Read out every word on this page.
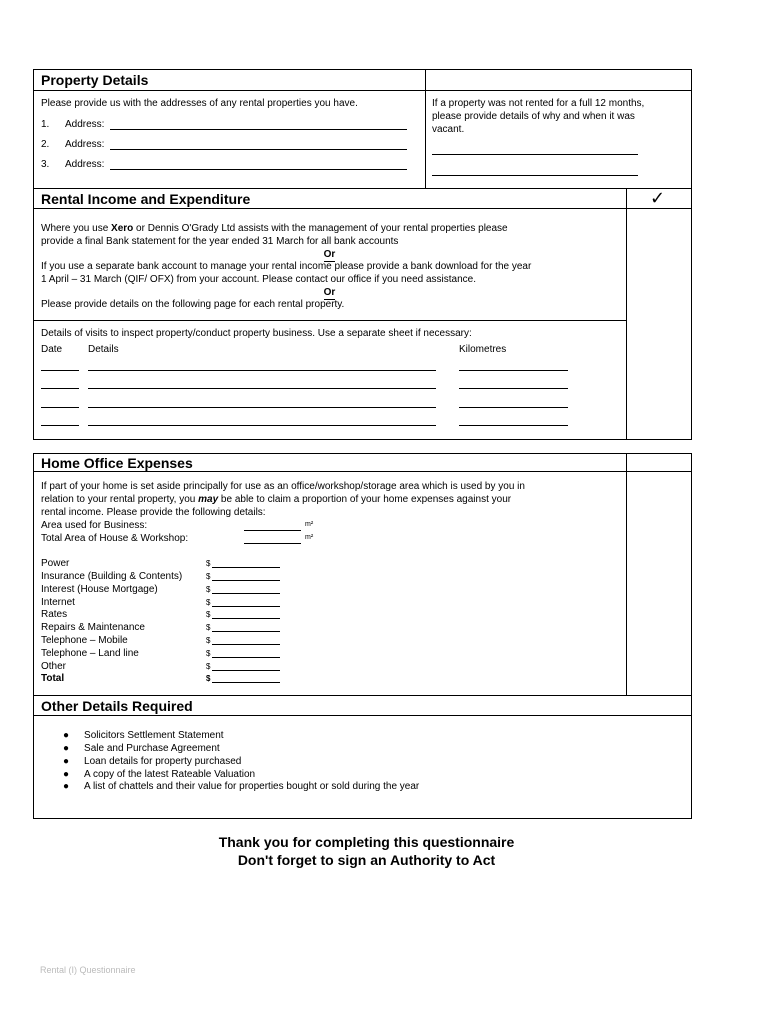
Property Details
Please provide us with the addresses of any rental properties you have.
1. Address:
2. Address:
3. Address:
If a property was not rented for a full 12 months,
please provide details of why and when it was
vacant.
Rental Income and Expenditure	✓
Where you use Xero or Dennis O'Grady Ltd assists with the management of your rental properties please
provide a final Bank statement for the year ended 31 March for all bank accounts
Or
If you use a separate bank account to manage your rental income please provide a bank download for the year
1 April – 31 March (QIF/ OFX) from your account. Please contact our office if you need assistance.
Or
Please provide details on the following page for each rental property.
Details of visits to inspect property/conduct property business. Use a separate sheet if necessary:
Date	Details	Kilometres
Home Office Expenses
If part of your home is set aside principally for use as an office/workshop/storage area which is used by you in
relation to your rental property, you may be able to claim a proportion of your home expenses against your
rental income. Please provide the following details:
Area used for Business:	m²
Total Area of House & Workshop:	m²
Power	$
Insurance (Building & Contents)	$
Interest (House Mortgage)	$
Internet	$
Rates	$
Repairs & Maintenance	$
Telephone – Mobile	$
Telephone – Land line	$
Other	$
Total	$
Other Details Required
● Solicitors Settlement Statement
● Sale and Purchase Agreement
● Loan details for property purchased
● A copy of the latest Rateable Valuation
● A list of chattels and their value for properties bought or sold during the year
Thank you for completing this questionnaire
Don't forget to sign an Authority to Act
Rental (I) Questionnaire
